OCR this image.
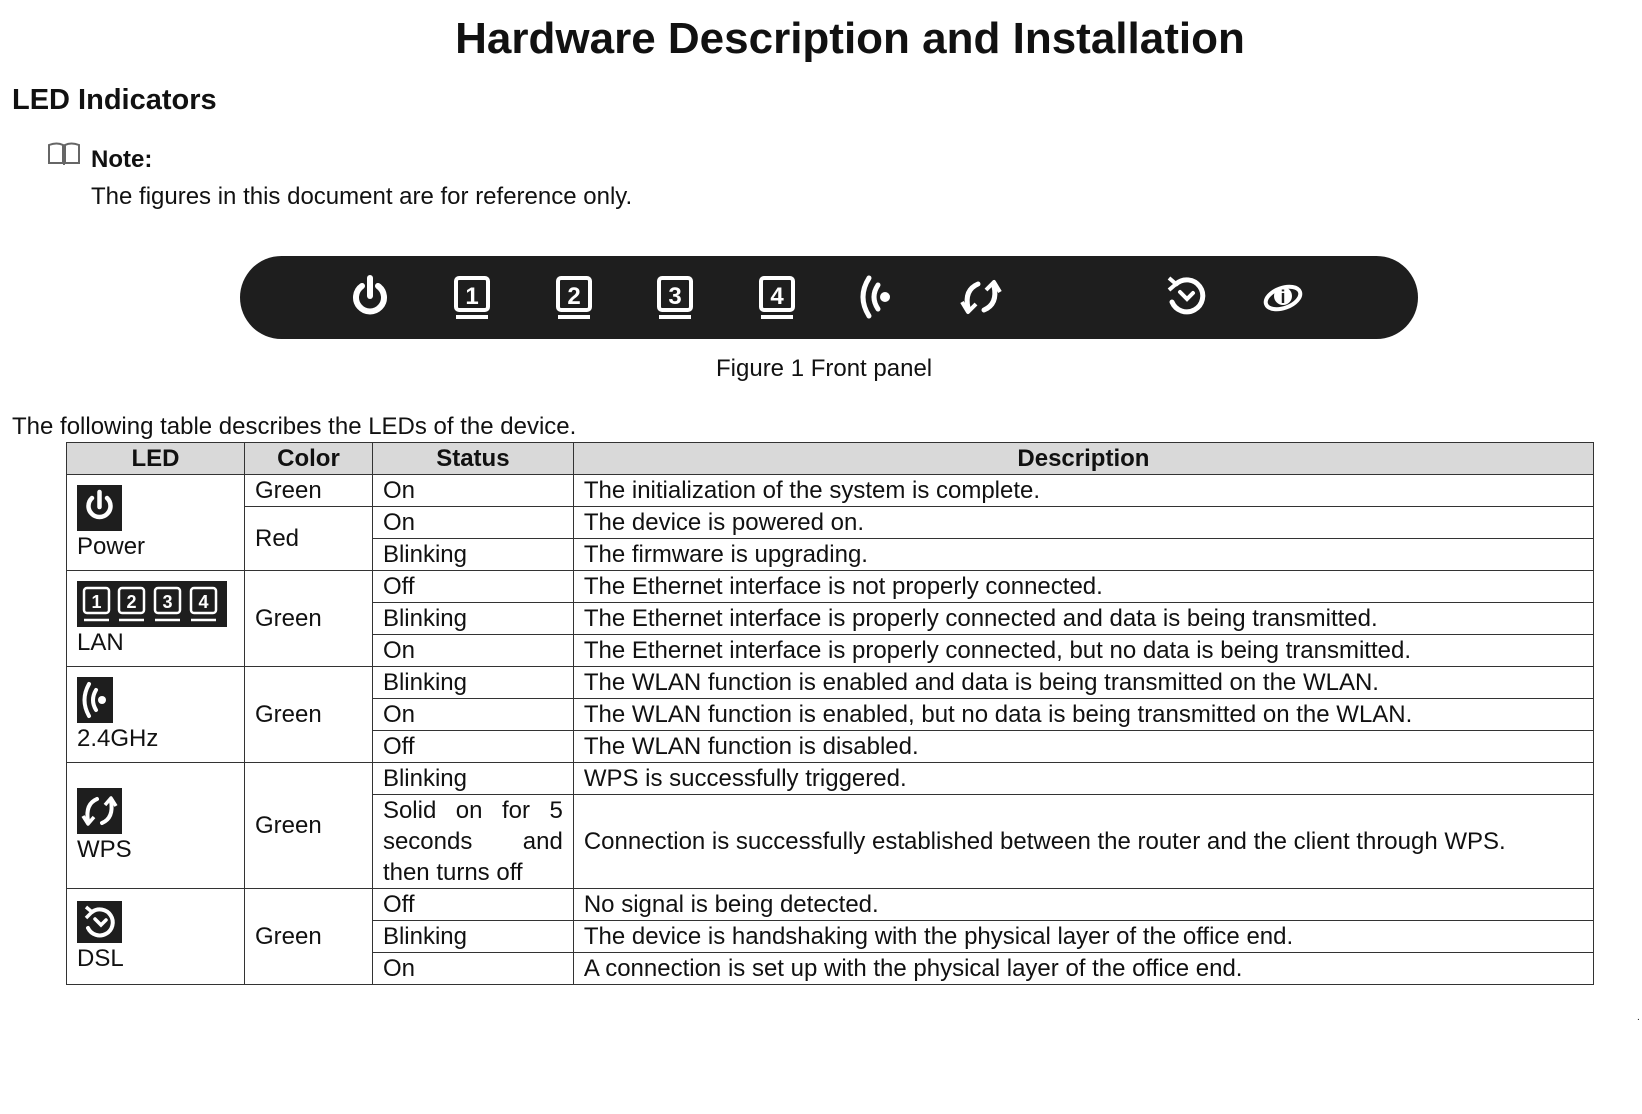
Hardware Description and Installation
LED Indicators
Note:
The figures in this document are for reference only.
1	2	3	4	i
Figure 1 Front panel
The following table describes the LEDs of the device.
LED	Color	Status	Description

Power	Green	On	The initialization of the system is complete.
	Red	On	The device is powered on.
		Blinking	The firmware is upgrading.

1 2 3 4
LAN	Green	Off	The Ethernet interface is not properly connected.
		Blinking	The Ethernet interface is properly connected and data is being transmitted.
		On	The Ethernet interface is properly connected, but no data is being transmitted.

2.4GHz	Green	Blinking	The WLAN function is enabled and data is being transmitted on the WLAN.
		On	The WLAN function is enabled, but no data is being transmitted on the WLAN.
		Off	The WLAN function is disabled.

WPS	Green	Blinking	WPS is successfully triggered.
		Solid on for 5 seconds and then turns off	Connection is successfully established between the router and the client through WPS.

DSL	Green	Off	No signal is being detected.
		Blinking	The device is handshaking with the physical layer of the office end.
		On	A connection is set up with the physical layer of the office end.
.
